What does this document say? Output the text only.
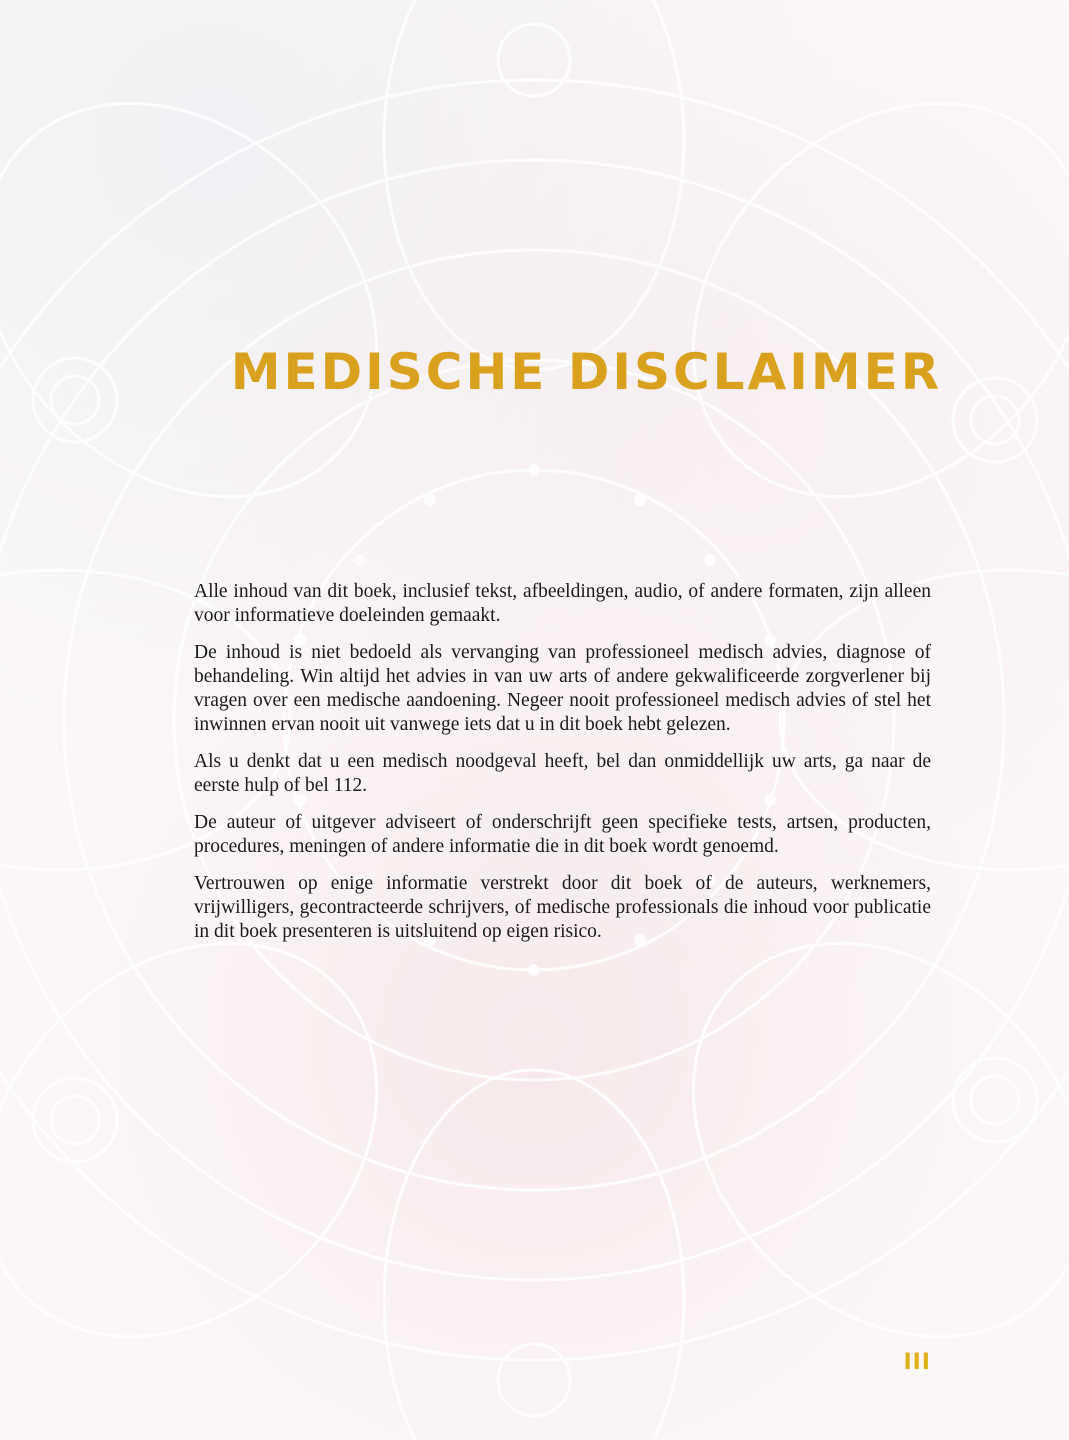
MEDISCHE DISCLAIMER

Alle inhoud van dit boek, inclusief tekst, afbeeldingen, audio, of andere formaten, zijn alleen voor informatieve doeleinden gemaakt.

De inhoud is niet bedoeld als vervanging van professioneel medisch advies, diagnose of behandeling. Win altijd het advies in van uw arts of andere gekwalificeerde zorgverlener bij vragen over een medische aandoening. Negeer nooit professioneel medisch advies of stel het inwinnen ervan nooit uit vanwege iets dat u in dit boek hebt gelezen.

Als u denkt dat u een medisch noodgeval heeft, bel dan onmiddellijk uw arts, ga naar de eerste hulp of bel 112.

De auteur of uitgever adviseert of onderschrijft geen specifieke tests, artsen, producten, procedures, meningen of andere informatie die in dit boek wordt genoemd.

Vertrouwen op enige informatie verstrekt door dit boek of de auteurs, werknemers, vrijwilligers, gecontracteerde schrijvers, of medische professionals die inhoud voor publicatie in dit boek presenteren is uitsluitend op eigen risico.

III
